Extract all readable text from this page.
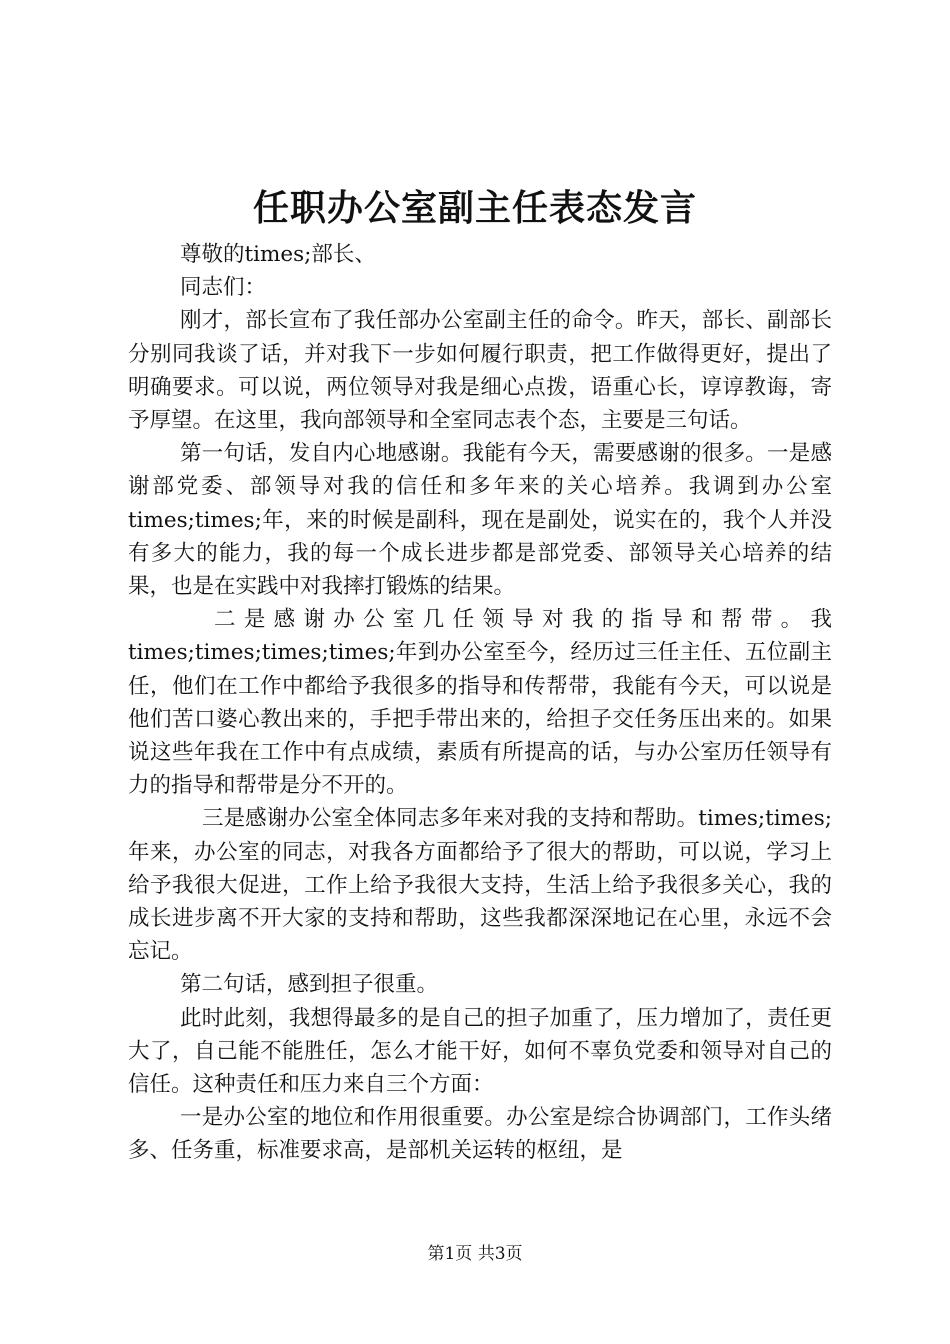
任职办公室副主任表态发言

尊敬的times;部长、

同志们：

刚才，部长宣布了我任部办公室副主任的命令。昨天，部长、副部长分别同我谈了话，并对我下一步如何履行职责，把工作做得更好，提出了明确要求。可以说，两位领导对我是细心点拨，语重心长，谆谆教诲，寄予厚望。在这里，我向部领导和全室同志表个态，主要是三句话。

第一句话，发自内心地感谢。我能有今天，需要感谢的很多。一是感谢部党委、部领导对我的信任和多年来的关心培养。我调到办公室times;times;年，来的时候是副科，现在是副处，说实在的，我个人并没有多大的能力，我的每一个成长进步都是部党委、部领导关心培养的结果，也是在实践中对我摔打锻炼的结果。

二是感谢办公室几任领导对我的指导和帮带。我times;times;times;times;年到办公室至今，经历过三任主任、五位副主任，他们在工作中都给予我很多的指导和传帮带，我能有今天，可以说是他们苦口婆心教出来的，手把手带出来的，给担子交任务压出来的。如果说这些年我在工作中有点成绩，素质有所提高的话，与办公室历任领导有力的指导和帮带是分不开的。

三是感谢办公室全体同志多年来对我的支持和帮助。times;times;年来，办公室的同志，对我各方面都给予了很大的帮助，可以说，学习上给予我很大促进，工作上给予我很大支持，生活上给予我很多关心，我的成长进步离不开大家的支持和帮助，这些我都深深地记在心里，永远不会忘记。

第二句话，感到担子很重。

此时此刻，我想得最多的是自己的担子加重了，压力增加了，责任更大了，自己能不能胜任，怎么才能干好，如何不辜负党委和领导对自己的信任。这种责任和压力来自三个方面：

一是办公室的地位和作用很重要。办公室是综合协调部门，工作头绪多、任务重，标准要求高，是部机关运转的枢纽，是

第1页 共3页
